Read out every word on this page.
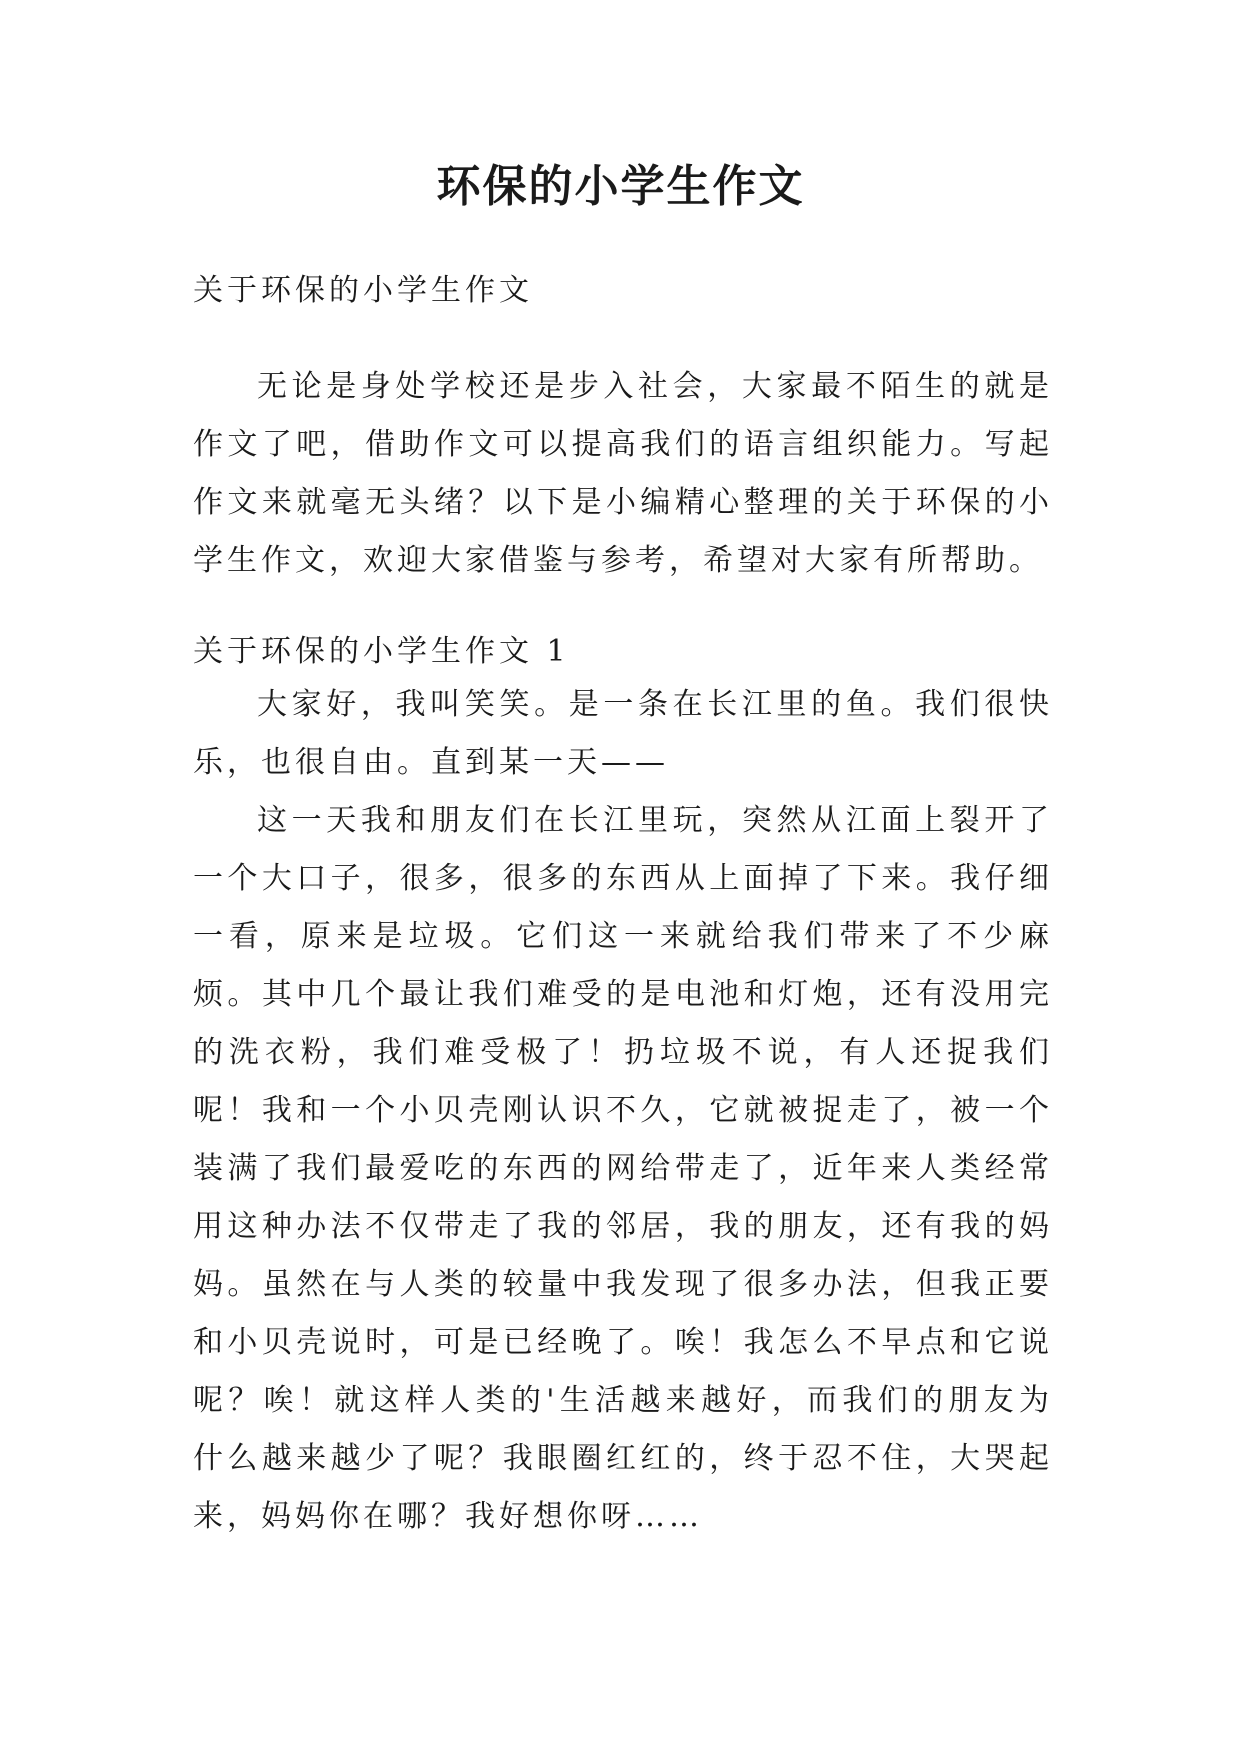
环保的小学生作文

关于环保的小学生作文

无论是身处学校还是步入社会，大家最不陌生的就是作文了吧，借助作文可以提高我们的语言组织能力。写起作文来就毫无头绪？以下是小编精心整理的关于环保的小学生作文，欢迎大家借鉴与参考，希望对大家有所帮助。

关于环保的小学生作文 1

大家好，我叫笑笑。是一条在长江里的鱼。我们很快乐，也很自由。直到某一天——

这一天我和朋友们在长江里玩，突然从江面上裂开了一个大口子，很多，很多的东西从上面掉了下来。我仔细一看，原来是垃圾。它们这一来就给我们带来了不少麻烦。其中几个最让我们难受的是电池和灯炮，还有没用完的洗衣粉，我们难受极了！扔垃圾不说，有人还捉我们呢！我和一个小贝壳刚认识不久，它就被捉走了，被一个装满了我们最爱吃的东西的网给带走了，近年来人类经常用这种办法不仅带走了我的邻居，我的朋友，还有我的妈妈。虽然在与人类的较量中我发现了很多办法，但我正要和小贝壳说时，可是已经晚了。唉！我怎么不早点和它说呢？唉！就这样人类的'生活越来越好，而我们的朋友为什么越来越少了呢？我眼圈红红的，终于忍不住，大哭起来，妈妈你在哪？我好想你呀……
